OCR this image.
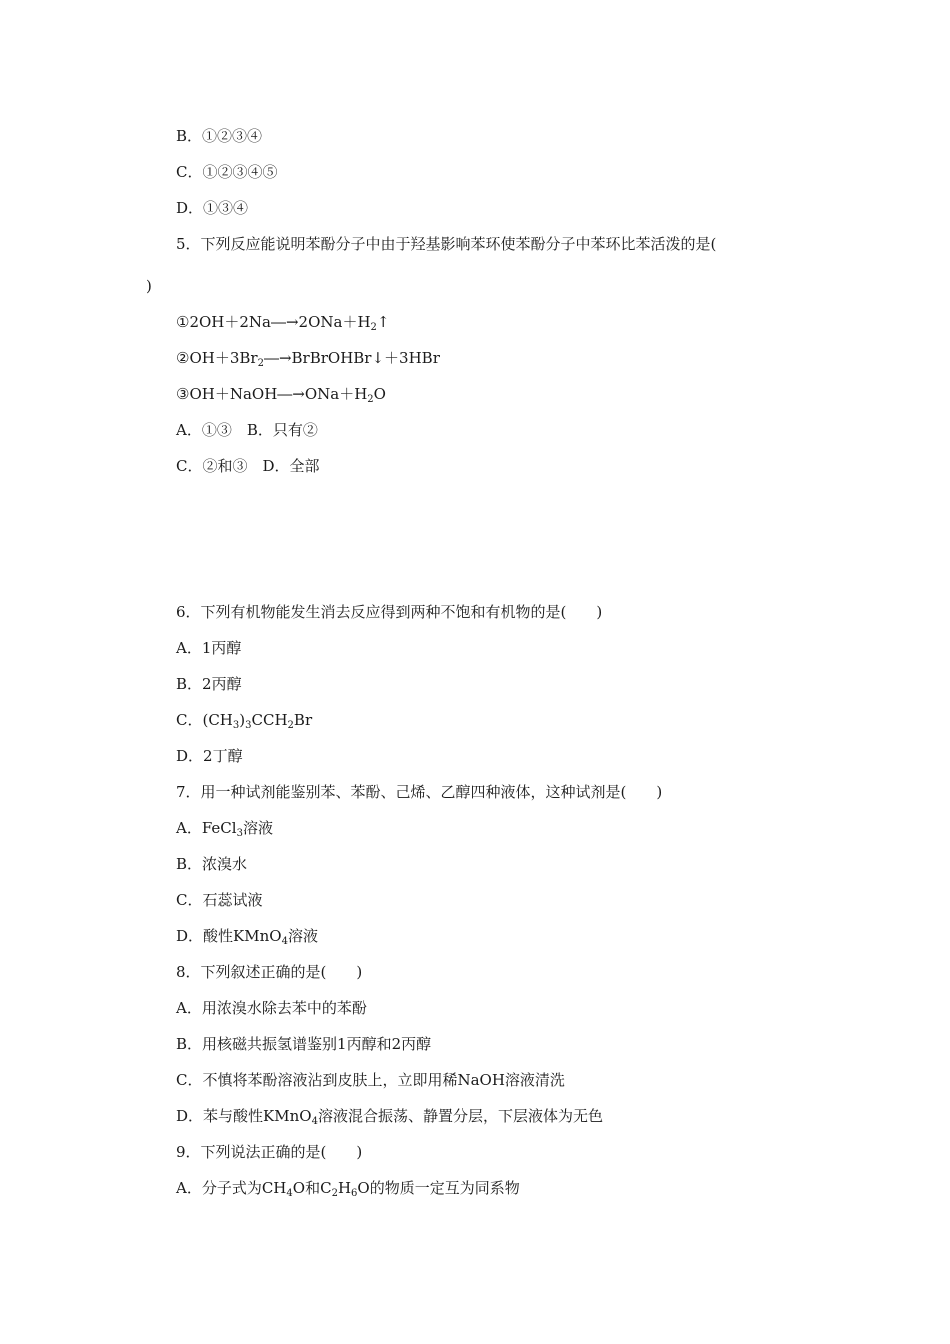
B．①②③④
C．①②③④⑤
D．①③④
5．下列反应能说明苯酚分子中由于羟基影响苯环使苯酚分子中苯环比苯活泼的是(
)
$①2OH+2Na―\to 2ONa+H_2↑$
$②OH+3Br_2―\to BrBrOHBr↓+3HBr$
$③OH+NaOH―\to ONa+H_2O$
A．①③　B．只有②
C．②和③　D．全部
6．下列有机物能发生消去反应得到两种不饱和有机物的是(　　)
A．1丙醇
B．2丙醇
C．$(CH_3)_3CCH_2Br$
D．2丁醇
7．用一种试剂能鉴别苯、苯酚、己烯、乙醇四种液体，这种试剂是(　　)
A．FeCl$_3$溶液
B．浓溴水
C．石蕊试液
D．酸性KMnO$_4$溶液
8．下列叙述正确的是(　　)
A．用浓溴水除去苯中的苯酚
B．用核磁共振氢谱鉴别1丙醇和2丙醇
C．不慎将苯酚溶液沾到皮肤上，立即用稀NaOH溶液清洗
D．苯与酸性KMnO$_4$溶液混合振荡、静置分层，下层液体为无色
9．下列说法正确的是(　　)
A．分子式为$CH_4O$和$C_2H_6O$的物质一定互为同系物
